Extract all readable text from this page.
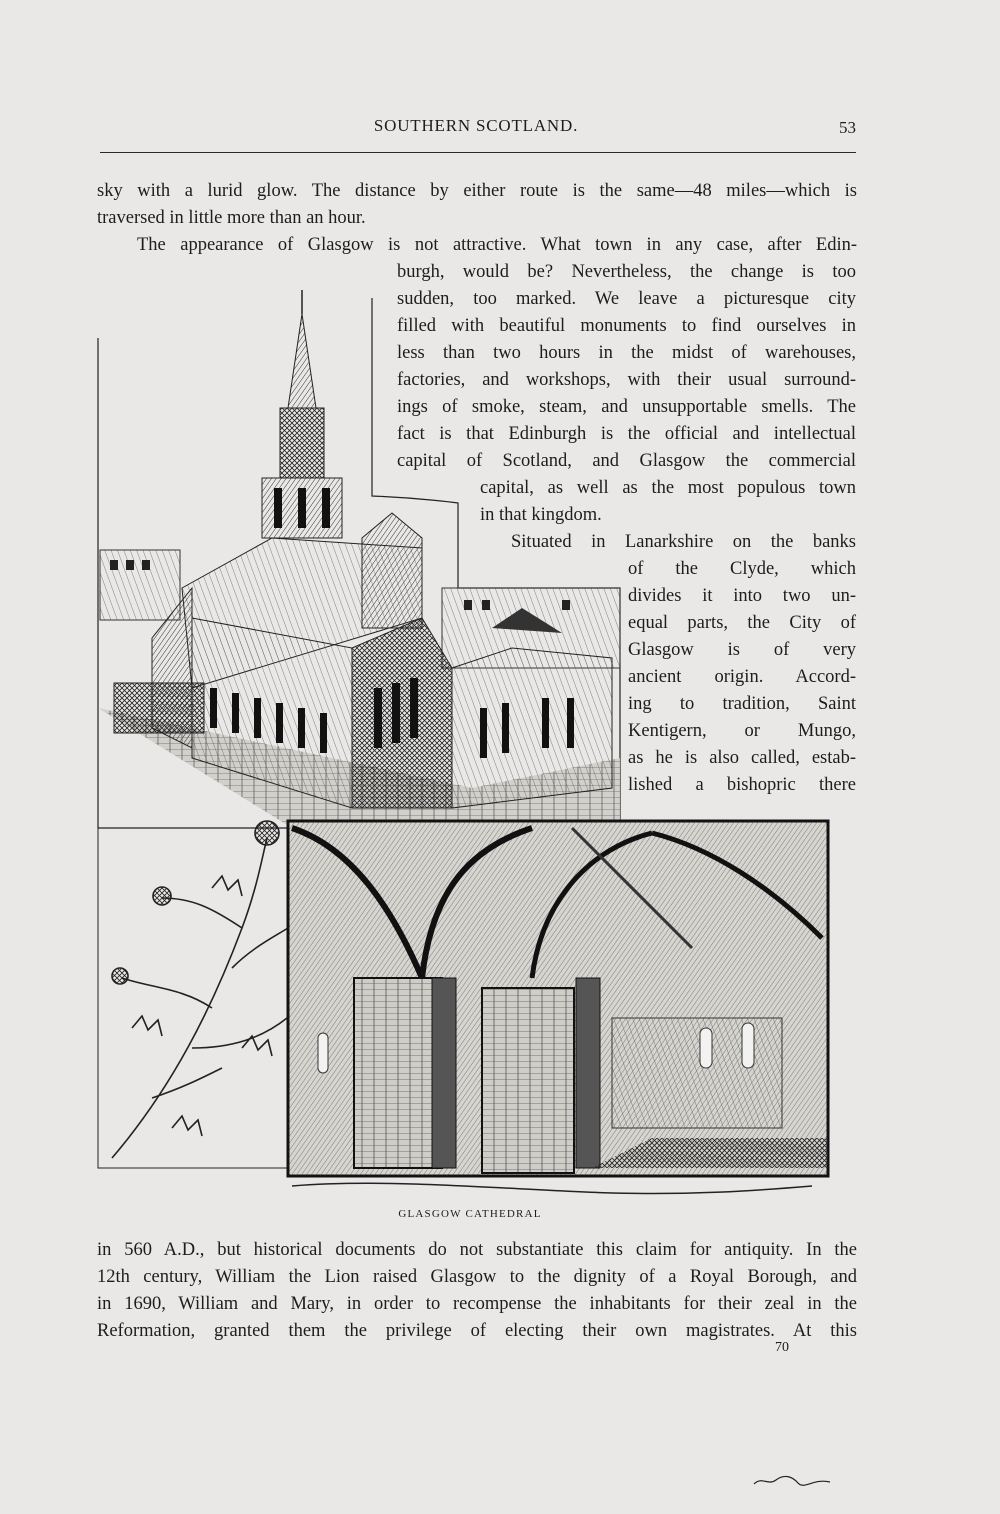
SOUTHERN SCOTLAND.	53
sky with a lurid glow. The distance by either route is the same—48 miles—which is
traversed in little more than an hour.
The appearance of Glasgow is not attractive. What town in any case, after Edin-
burgh, would be? Nevertheless, the change is too
sudden, too marked. We leave a picturesque city
filled with beautiful monuments to find ourselves in
less than two hours in the midst of warehouses,
factories, and workshops, with their usual surround-
ings of smoke, steam, and unsupportable smells. The
fact is that Edinburgh is the official and intellectual
capital of Scotland, and Glasgow the commercial
capital, as well as the most populous town
in that kingdom.
Situated in Lanarkshire on the banks
of the Clyde, which
divides it into two un-
equal parts, the City of
Glasgow is of very
ancient origin. Accord-
ing to tradition, Saint
Kentigern, or Mungo,
as he is also called, estab-
lished a bishopric there
GLASGOW CATHEDRAL
in 560 A.D., but historical documents do not substantiate this claim for antiquity. In the
12th century, William the Lion raised Glasgow to the dignity of a Royal Borough, and
in 1690, William and Mary, in order to recompense the inhabitants for their zeal in the
Reformation, granted them the privilege of electing their own magistrates. At this
70
